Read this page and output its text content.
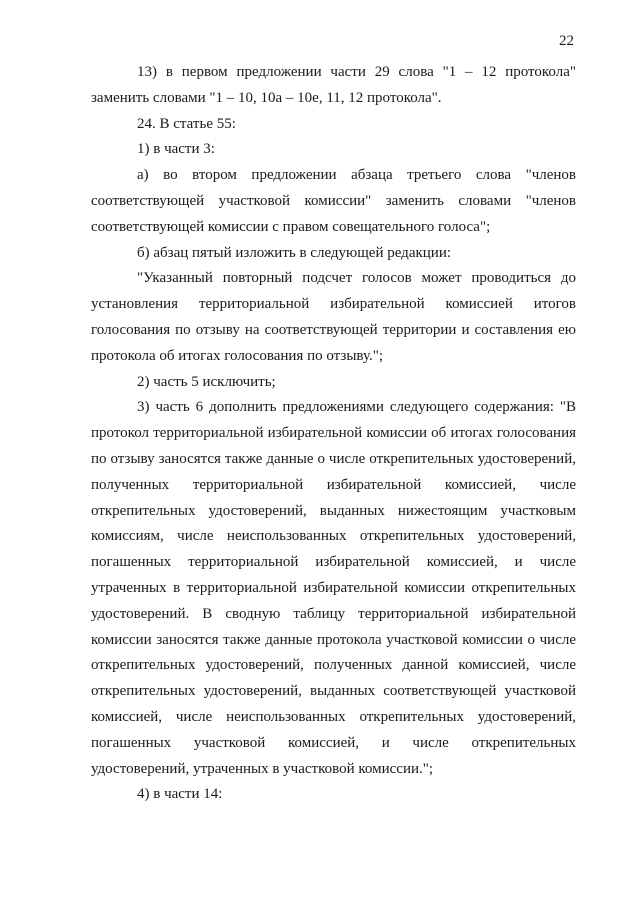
22

13) в первом предложении части 29 слова "1 – 12 протокола" заменить словами "1 – 10, 10а – 10е, 11, 12 протокола".

24. В статье 55:

1) в части 3:

а) во втором предложении абзаца третьего слова "членов соответствующей участковой комиссии" заменить словами "членов соответствующей комиссии с правом совещательного голоса";

б) абзац пятый изложить в следующей редакции:

"Указанный повторный подсчет голосов может проводиться до установления территориальной избирательной комиссией итогов голосования по отзыву на соответствующей территории и составления ею протокола об итогах голосования по отзыву.";

2) часть 5 исключить;

3) часть 6 дополнить предложениями следующего содержания: "В протокол территориальной избирательной комиссии об итогах голосования по отзыву заносятся также данные о числе открепительных удостоверений, полученных территориальной избирательной комиссией, числе открепительных удостоверений, выданных нижестоящим участковым комиссиям, числе неиспользованных открепительных удостоверений, погашенных территориальной избирательной комиссией, и числе утраченных в территориальной избирательной комиссии открепительных удостоверений. В сводную таблицу территориальной избирательной комиссии заносятся также данные протокола участковой комиссии о числе открепительных удостоверений, полученных данной комиссией, числе открепительных удостоверений, выданных соответствующей участковой комиссией, числе неиспользованных открепительных удостоверений, погашенных участковой комиссией, и числе открепительных удостоверений, утраченных в участковой комиссии.";

4) в части 14:
